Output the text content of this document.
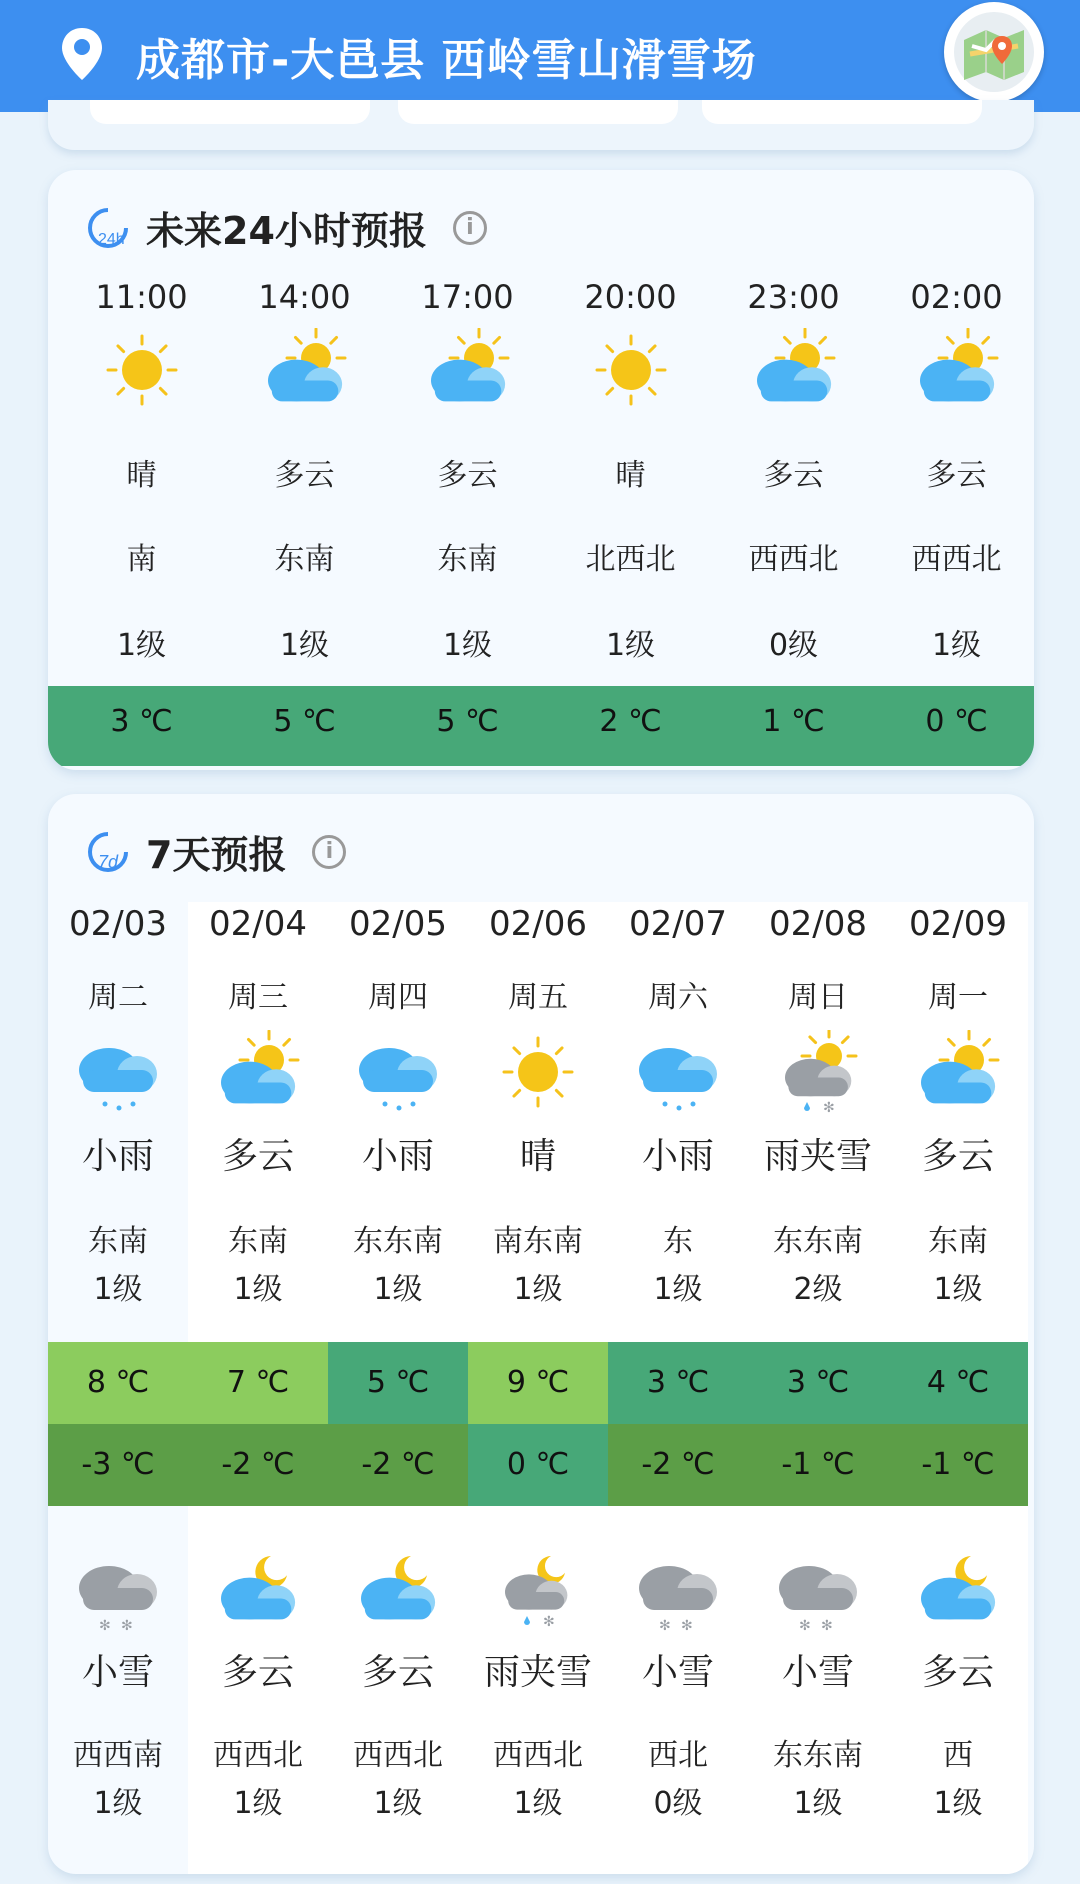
成都市-大邑县 西岭雪山滑雪场
24h 未来24小时预报	i
11:00
晴
南
1级
3 ℃
14:00
多云
东南
1级
5 ℃
17:00
多云
东南
1级
5 ℃
20:00
晴
北西北
1级
2 ℃
23:00
多云
西西北
0级
1 ℃
02:00
多云
西西北
1级
0 ℃
7d 7天预报	i
02/03
周二
小雨
东南
1级
8 ℃
-3 ℃
✻ ✻
小雪
西西南
1级
02/04
周三
多云
东南
1级
7 ℃
-2 ℃
多云
西西北
1级
02/05
周四
小雨
东东南
1级
5 ℃
-2 ℃
多云
西西北
1级
02/06
周五
晴
南东南
1级
9 ℃
0 ℃
✻
雨夹雪
西西北
1级
02/07
周六
小雨
东
1级
3 ℃
-2 ℃
✻ ✻
小雪
西北
0级
02/08
周日
✻
雨夹雪
东东南
2级
3 ℃
-1 ℃
✻ ✻
小雪
东东南
1级
02/09
周一
多云
东南
1级
4 ℃
-1 ℃
多云
西
1级
